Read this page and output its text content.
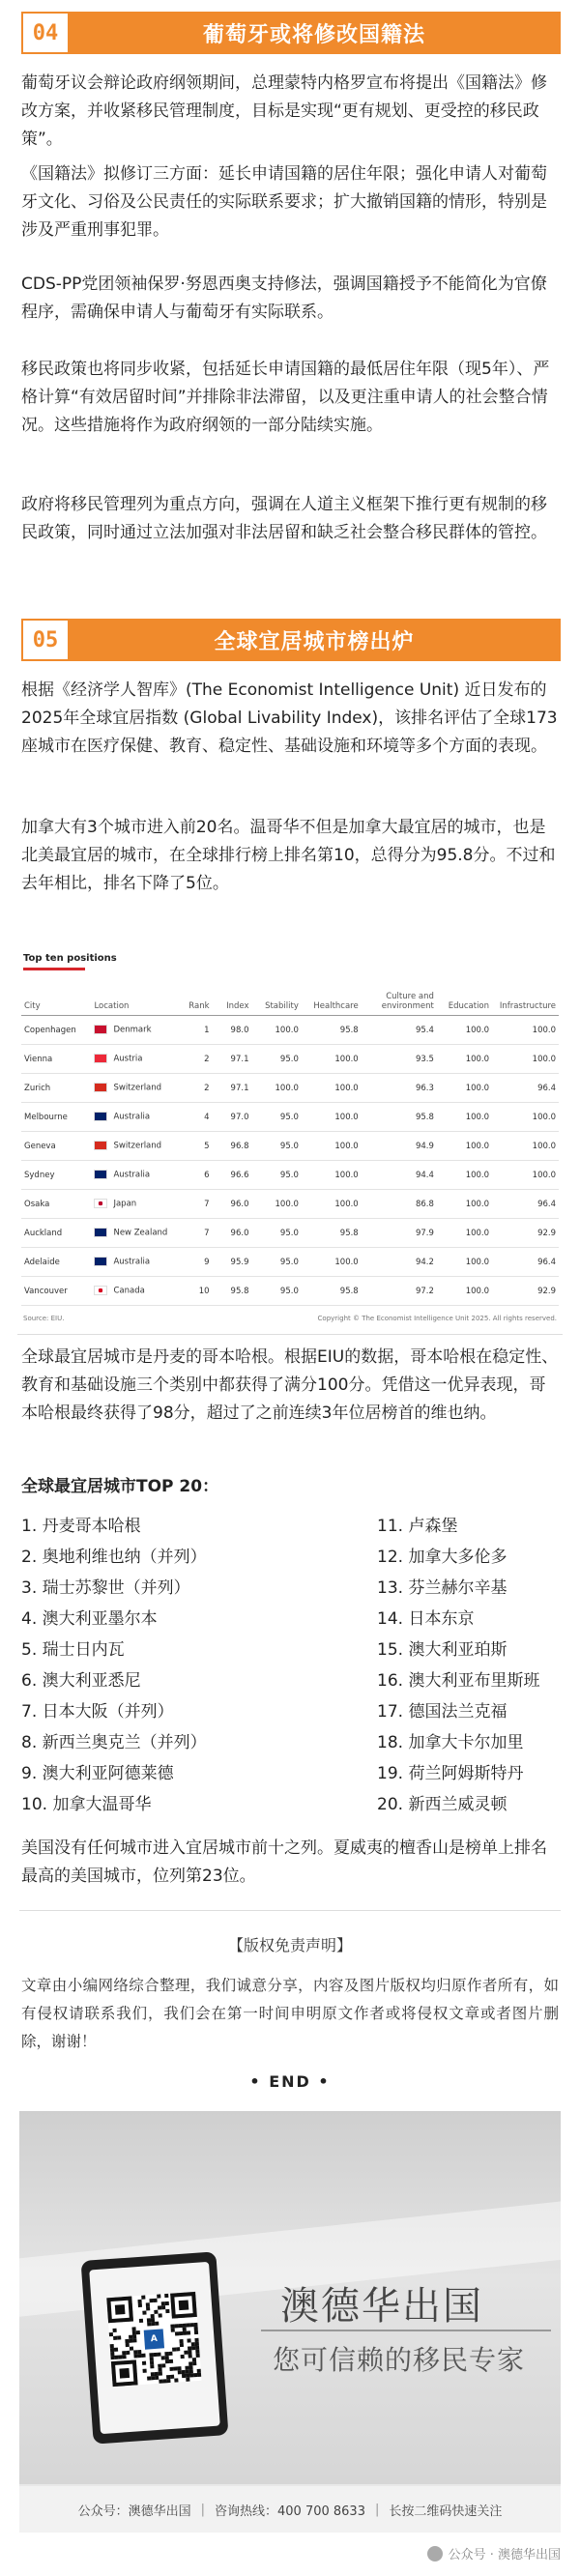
04	葡萄牙或将修改国籍法

葡萄牙议会辩论政府纲领期间，总理蒙特内格罗宣布将提出《国籍法》修改方案，并收紧移民管理制度，目标是实现“更有规划、更受控的移民政策”。

《国籍法》拟修订三方面：延长申请国籍的居住年限；强化申请人对葡萄牙文化、习俗及公民责任的实际联系要求；扩大撤销国籍的情形，特别是涉及严重刑事犯罪。

CDS-PP党团领袖保罗·努恩西奥支持修法，强调国籍授予不能简化为官僚程序，需确保申请人与葡萄牙有实际联系。

移民政策也将同步收紧，包括延长申请国籍的最低居住年限（现5年）、严格计算“有效居留时间”并排除非法滞留，以及更注重申请人的社会整合情况。这些措施将作为政府纲领的一部分陆续实施。

政府将移民管理列为重点方向，强调在人道主义框架下推行更有规制的移民政策，同时通过立法加强对非法居留和缺乏社会整合移民群体的管控。

05	全球宜居城市榜出炉

根据《经济学人智库》(The Economist Intelligence Unit) 近日发布的2025年全球宜居指数 (Global Livability Index)，该排名评估了全球173座城市在医疗保健、教育、稳定性、基础设施和环境等多个方面的表现。

加拿大有3个城市进入前20名。温哥华不但是加拿大最宜居的城市，也是北美最宜居的城市，在全球排行榜上排名第10，总得分为95.8分。不过和去年相比，排名下降了5位。

Top ten positions
City	Location	Rank	Index	Stability	Healthcare	Culture and environment	Education	Infrastructure
Copenhagen	Denmark	1	98.0	100.0	95.8	95.4	100.0	100.0
Vienna	Austria	2	97.1	95.0	100.0	93.5	100.0	100.0
Zurich	Switzerland	2	97.1	100.0	100.0	96.3	100.0	96.4
Melbourne	Australia	4	97.0	95.0	100.0	95.8	100.0	100.0
Geneva	Switzerland	5	96.8	95.0	100.0	94.9	100.0	100.0
Sydney	Australia	6	96.6	95.0	100.0	94.4	100.0	100.0
Osaka	Japan	7	96.0	100.0	100.0	86.8	100.0	96.4
Auckland	New Zealand	7	96.0	95.0	95.8	97.9	100.0	92.9
Adelaide	Australia	9	95.9	95.0	100.0	94.2	100.0	96.4
Vancouver	Canada	10	95.8	95.0	95.8	97.2	100.0	92.9
Source: EIU.	Copyright © The Economist Intelligence Unit 2025. All rights reserved.

全球最宜居城市是丹麦的哥本哈根。根据EIU的数据，哥本哈根在稳定性、教育和基础设施三个类别中都获得了满分100分。凭借这一优异表现，哥本哈根最终获得了98分，超过了之前连续3年位居榜首的维也纳。

全球最宜居城市TOP 20：

1. 丹麦哥本哈根
2. 奥地利维也纳（并列）
3. 瑞士苏黎世（并列）
4. 澳大利亚墨尔本
5. 瑞士日内瓦
6. 澳大利亚悉尼
7. 日本大阪（并列）
8. 新西兰奥克兰（并列）
9. 澳大利亚阿德莱德
10. 加拿大温哥华
11. 卢森堡
12. 加拿大多伦多
13. 芬兰赫尔辛基
14. 日本东京
15. 澳大利亚珀斯
16. 澳大利亚布里斯班
17. 德国法兰克福
18. 加拿大卡尔加里
19. 荷兰阿姆斯特丹
20. 新西兰威灵顿

美国没有任何城市进入宜居城市前十之列。夏威夷的檀香山是榜单上排名最高的美国城市，位列第23位。

【版权免责声明】
文章由小编网络综合整理，我们诚意分享，内容及图片版权均归原作者所有，如有侵权请联系我们，我们会在第一时间申明原文作者或将侵权文章或者图片删除，谢谢！
• END •
A
澳德华出国
您可信赖的移民专家
公众号：澳德华出国 | 咨询热线：400 700 8633 | 长按二维码快速关注
公众号 · 澳德华出国
